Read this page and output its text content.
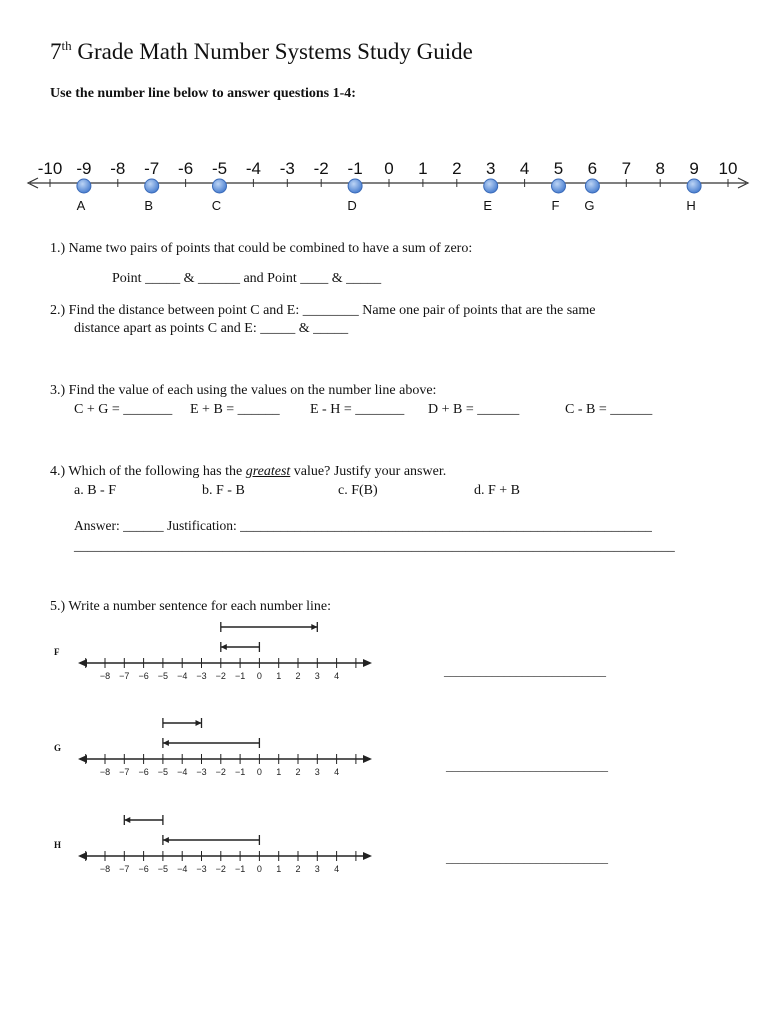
7th Grade Math Number Systems Study Guide
Use the number line below to answer questions 1-4:
-10 -9 -8 -7 -6 -5 -4 -3 -2 -1 0 1 2 3 4 5 6 7 8 9 10
A	B	C	D	E	F G	H
1.) Name two pairs of points that could be combined to have a sum of zero:
Point _____ & ______ and Point ____ & _____
2.) Find the distance between point C and E: ________ Name one pair of points that are the same
distance apart as points C and E: _____ & _____
3.) Find the value of each using the values on the number line above:
C + G = _______ E + B = ______ E - H = _______ D + B = ______	C - B = ______
4.) Which of the following has the greatest value? Justify your answer.
a. B - F	b. F - B	c. F(B)	d. F + B
Answer: ______ Justification: _____________________________________________________________
_________________________________________________________________________________________
5.) Write a number sentence for each number line:
F
G
H
−8 −7 −6 −5 −4 −3 −2 −1 0 1 2 3 4
−8 −7 −6 −5 −4 −3 −2 −1 0 1 2 3 4
−8 −7 −6 −5 −4 −3 −2 −1 0 1 2 3 4
___________________________
___________________________
___________________________
